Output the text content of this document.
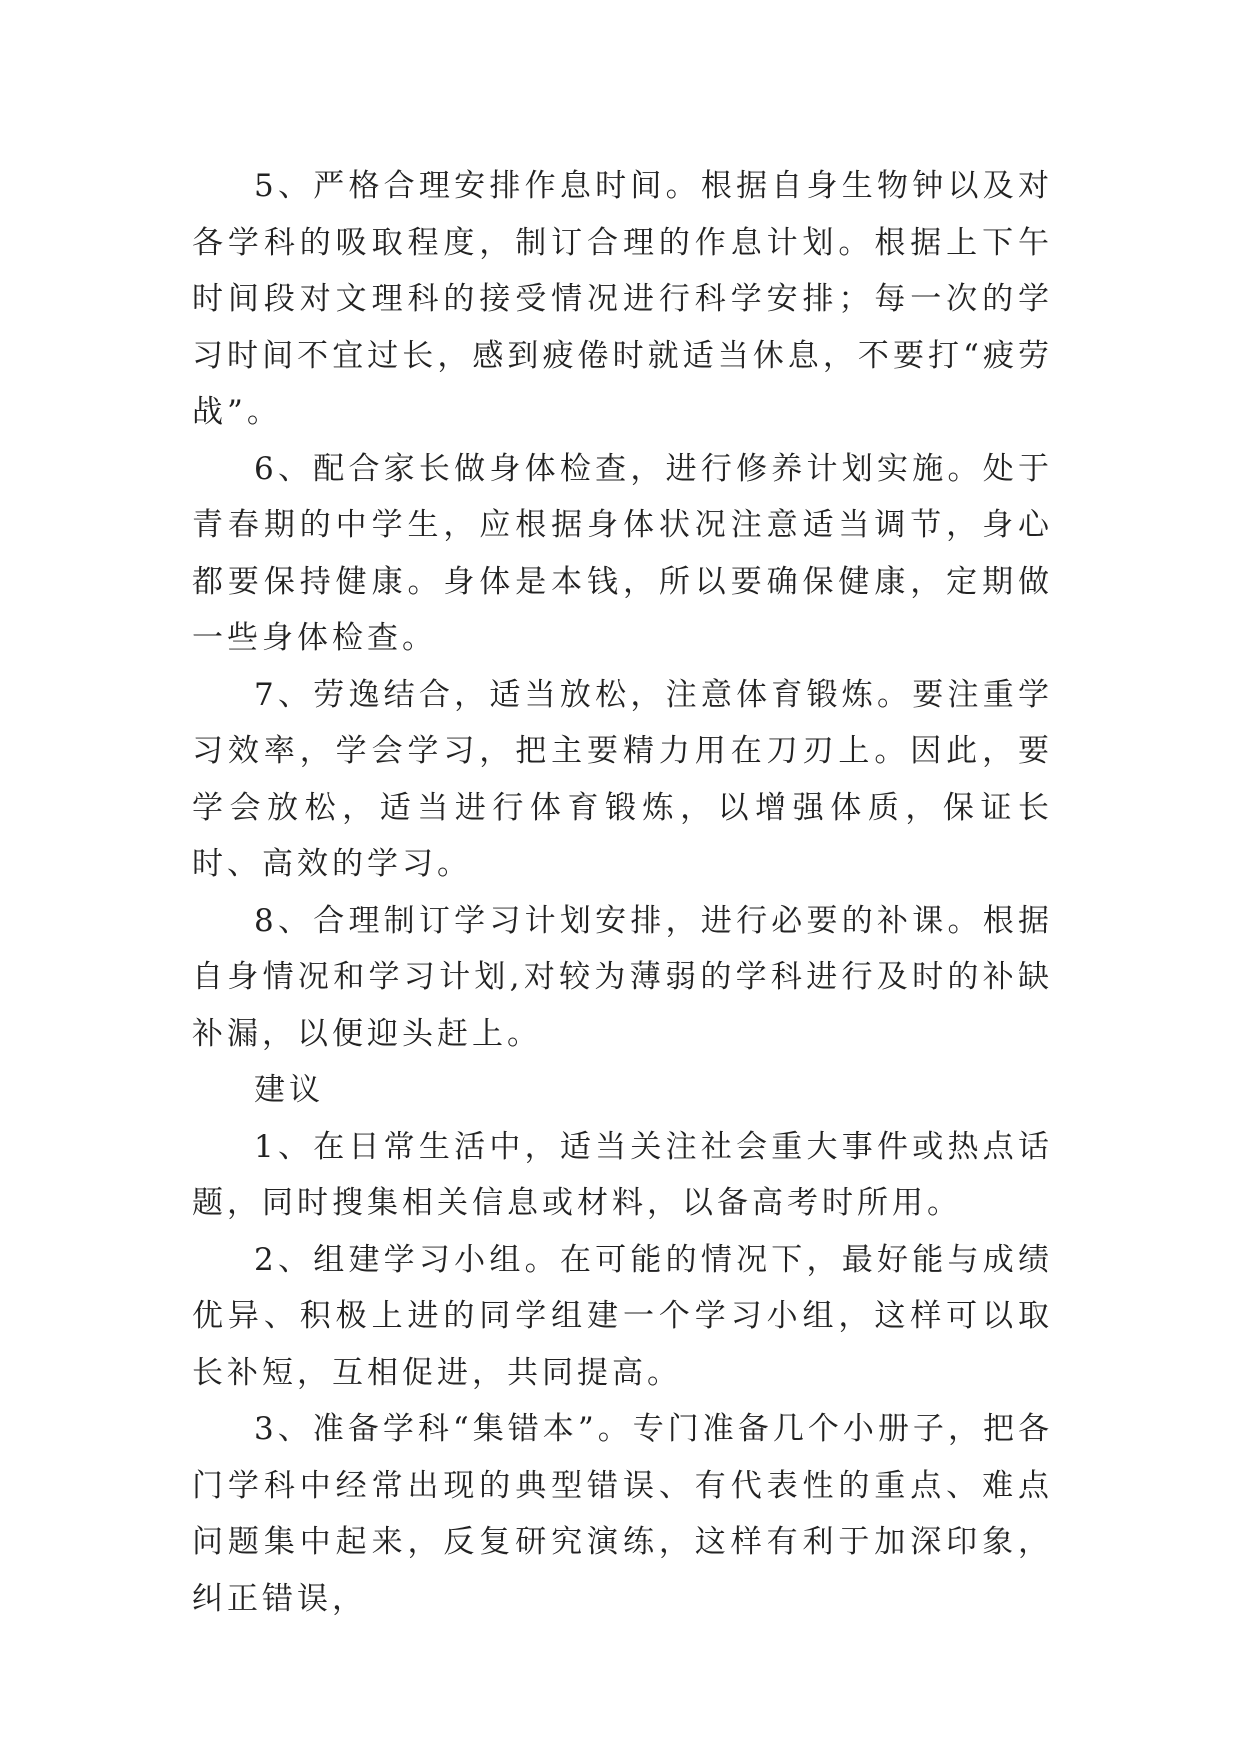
5、严格合理安排作息时间。根据自身生物钟以及对各学科的吸取程度，制订合理的作息计划。根据上下午时间段对文理科的接受情况进行科学安排；每一次的学习时间不宜过长，感到疲倦时就适当休息，不要打“疲劳战”。

6、配合家长做身体检查，进行修养计划实施。处于青春期的中学生，应根据身体状况注意适当调节，身心都要保持健康。身体是本钱，所以要确保健康，定期做一些身体检查。

7、劳逸结合，适当放松，注意体育锻炼。要注重学习效率，学会学习，把主要精力用在刀刃上。因此，要学会放松，适当进行体育锻炼，以增强体质，保证长时、高效的学习。

8、合理制订学习计划安排，进行必要的补课。根据自身情况和学习计划,对较为薄弱的学科进行及时的补缺补漏，以便迎头赶上。

建议

1、在日常生活中，适当关注社会重大事件或热点话题，同时搜集相关信息或材料，以备高考时所用。

2、组建学习小组。在可能的情况下，最好能与成绩优异、积极上进的同学组建一个学习小组，这样可以取长补短，互相促进，共同提高。

3、准备学科“集错本”。专门准备几个小册子，把各门学科中经常出现的典型错误、有代表性的重点、难点问题集中起来，反复研究演练，这样有利于加深印象，纠正错误，
